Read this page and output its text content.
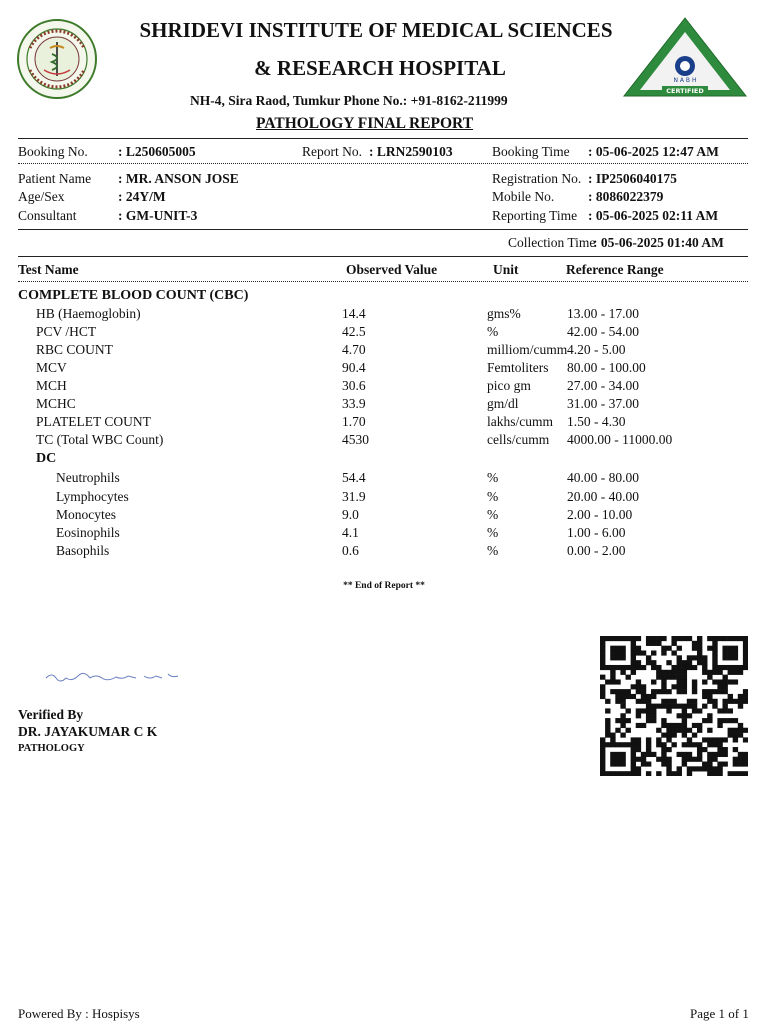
SHRIDEVI INSTITUTE OF MEDICAL SCIENCES
& RESEARCH HOSPITAL
NH-4, Sira Raod, Tumkur Phone No.: +91-8162-211999
PATHOLOGY FINAL REPORT
N A B H
CERTIFIED
Booking No. : L250605005	Report No. : LRN2590103	Booking Time : 05-06-2025 12:47 AM
Patient Name : MR. ANSON JOSE
Age/Sex	: 24Y/M
Consultant	: GM-UNIT-3
Registration No. : IP2506040175
Mobile No.	: 8086022379
Reporting Time : 05-06-2025 02:11 AM
Collection Time
: 05-06-2025 01:40 AM
Test Name	Observed Value	Unit	Reference Range
COMPLETE BLOOD COUNT (CBC)
HB (Haemoglobin)	14.4	gms%	13.00 - 17.00
PCV /HCT	42.5	%	42.00 - 54.00
RBC COUNT	4.70	milliom/cumm 4.20 - 5.00
MCV	90.4	Femtoliters 80.00 - 100.00
MCH	30.6	pico gm	27.00 - 34.00
MCHC	33.9	gm/dl	31.00 - 37.00
PLATELET COUNT	1.70	lakhs/cumm 1.50 - 4.30
TC (Total WBC Count)	4530	cells/cumm 4000.00 - 11000.00
DC
Neutrophils	54.4	%	40.00 - 80.00
Lymphocytes	31.9	%	20.00 - 40.00
Monocytes	9.0	%	2.00 - 10.00
Eosinophils	4.1	%	1.00 - 6.00
Basophils	0.6	%	0.00 - 2.00
** End of Report **
Verified By
DR. JAYAKUMAR C K
PATHOLOGY
Powered By : Hospisys	Page 1 of 1
